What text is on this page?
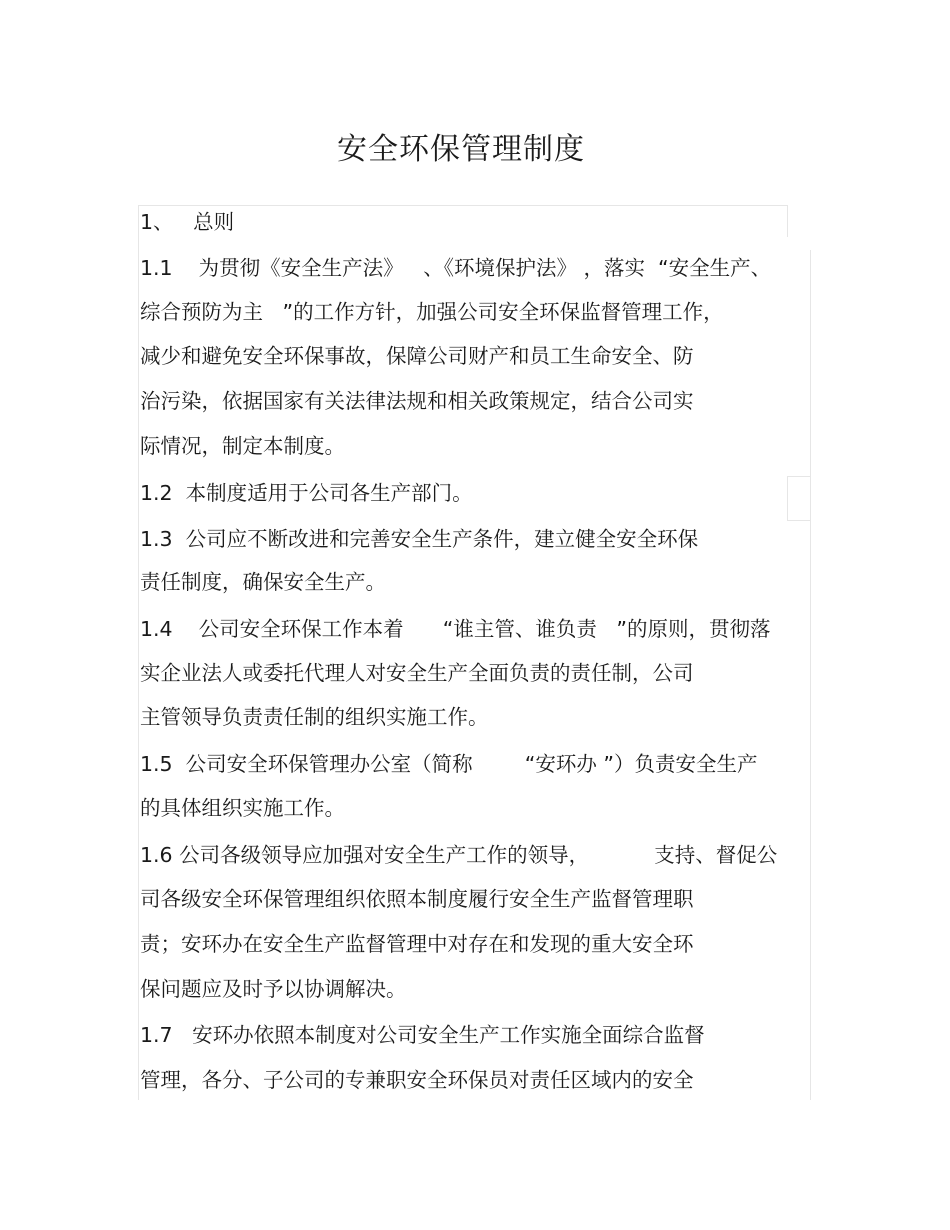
安全环保管理制度
1、   总则
1.1    为贯彻《安全生产法》   、《环境保护法》 ，落实  “安全生产、
综合预防为主   ”的工作方针，加强公司安全环保监督管理工作，
减少和避免安全环保事故，保障公司财产和员工生命安全、防
治污染，依据国家有关法律法规和相关政策规定，结合公司实
际情况，制定本制度。
1.2  本制度适用于公司各生产部门。
1.3  公司应不断改进和完善安全生产条件，建立健全安全环保
责任制度，确保安全生产。
1.4    公司安全环保工作本着      “谁主管、谁负责   ”的原则，贯彻落
实企业法人或委托代理人对安全生产全面负责的责任制，公司
主管领导负责责任制的组织实施工作。
1.5  公司安全环保管理办公室（简称        “安环办 ”）负责安全生产
的具体组织实施工作。
1.6 公司各级领导应加强对安全生产工作的领导，          支持、督促公
司各级安全环保管理组织依照本制度履行安全生产监督管理职
责；安环办在安全生产监督管理中对存在和发现的重大安全环
保问题应及时予以协调解决。
1.7   安环办依照本制度对公司安全生产工作实施全面综合监督
管理，各分、子公司的专兼职安全环保员对责任区域内的安全
